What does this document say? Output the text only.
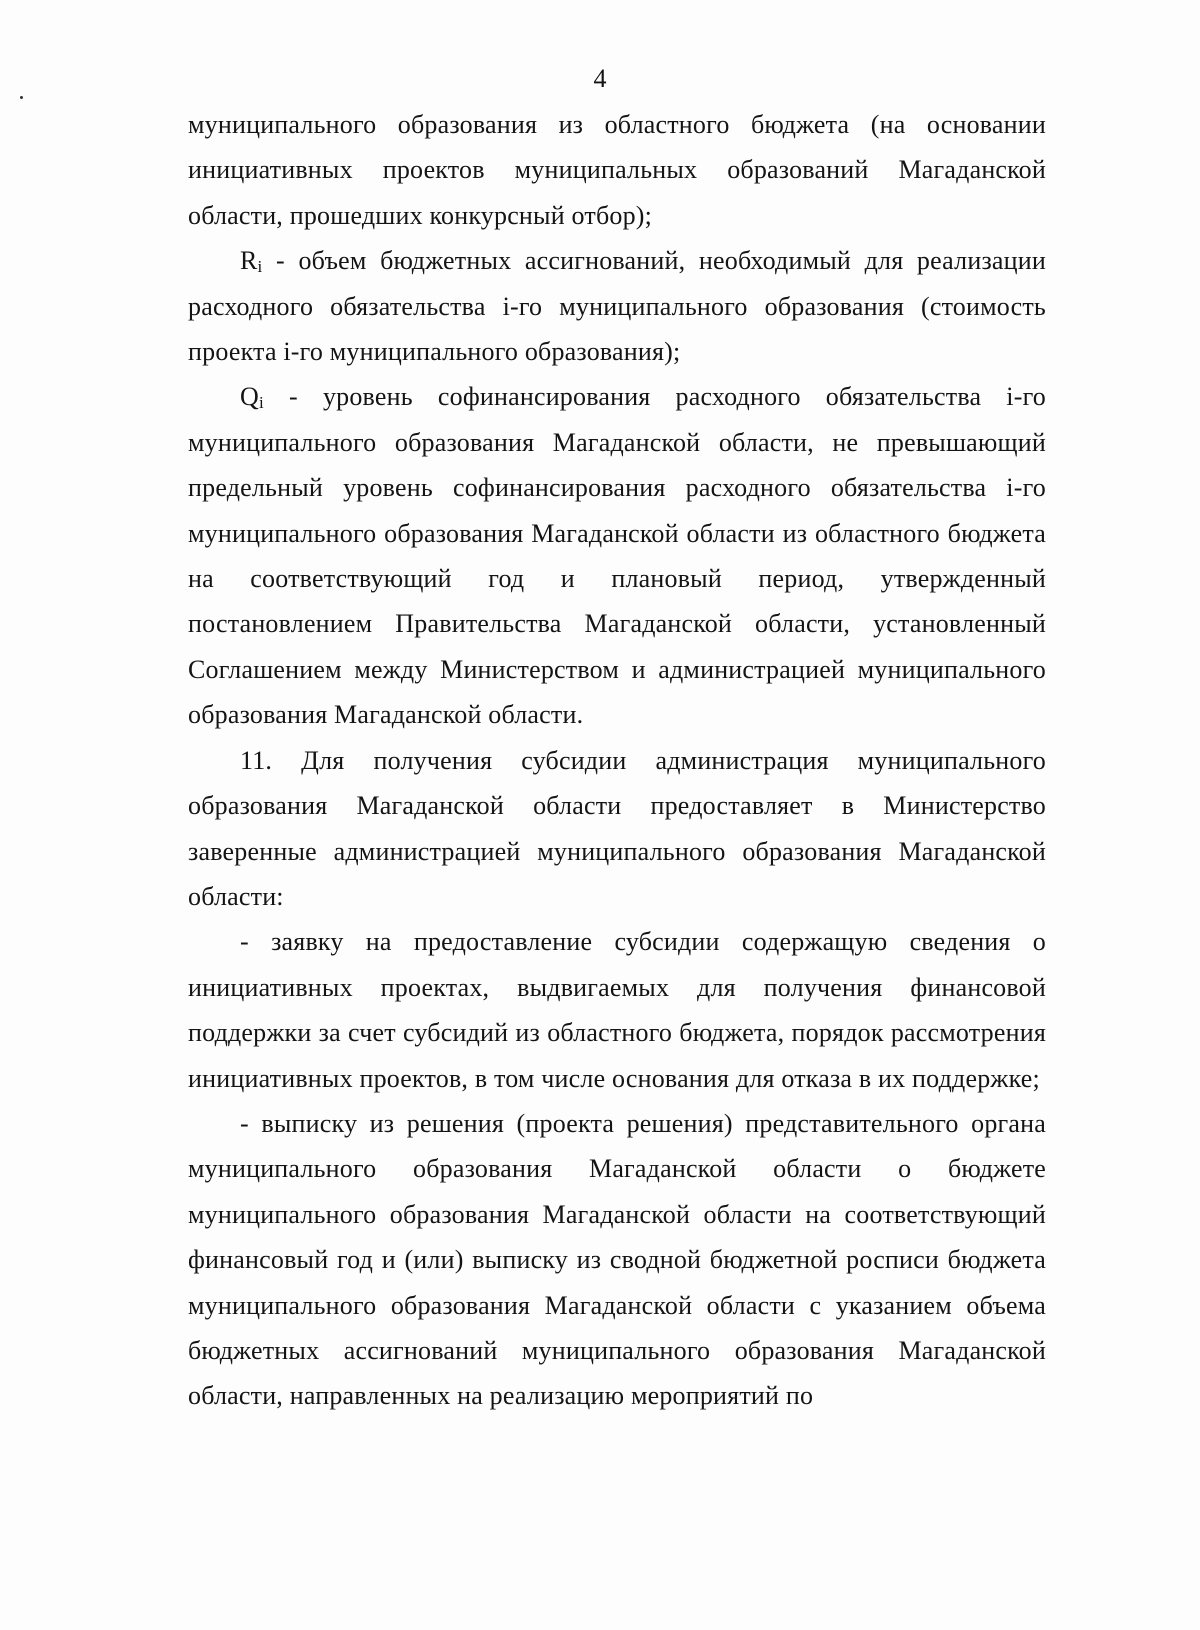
4

муниципального образования из областного бюджета (на основании инициативных проектов муниципальных образований Магаданской области, прошедших конкурсный отбор);

$R_i$ - объем бюджетных ассигнований, необходимый для реализации расходного обязательства i-го муниципального образования (стоимость проекта i-го муниципального образования);

$Q_i$ - уровень софинансирования расходного обязательства i-го муниципального образования Магаданской области, не превышающий предельный уровень софинансирования расходного обязательства i-го муниципального образования Магаданской области из областного бюджета на соответствующий год и плановый период, утвержденный постановлением Правительства Магаданской области, установленный Соглашением между Министерством и администрацией муниципального образования Магаданской области.

11. Для получения субсидии администрация муниципального образования Магаданской области предоставляет в Министерство заверенные администрацией муниципального образования Магаданской области:

- заявку на предоставление субсидии содержащую сведения о инициативных проектах, выдвигаемых для получения финансовой поддержки за счет субсидий из областного бюджета, порядок рассмотрения инициативных проектов, в том числе основания для отказа в их поддержке;

- выписку из решения (проекта решения) представительного органа муниципального образования Магаданской области о бюджете муниципального образования Магаданской области на соответствующий финансовый год и (или) выписку из сводной бюджетной росписи бюджета муниципального образования Магаданской области с указанием объема бюджетных ассигнований муниципального образования Магаданской области, направленных на реализацию мероприятий по
